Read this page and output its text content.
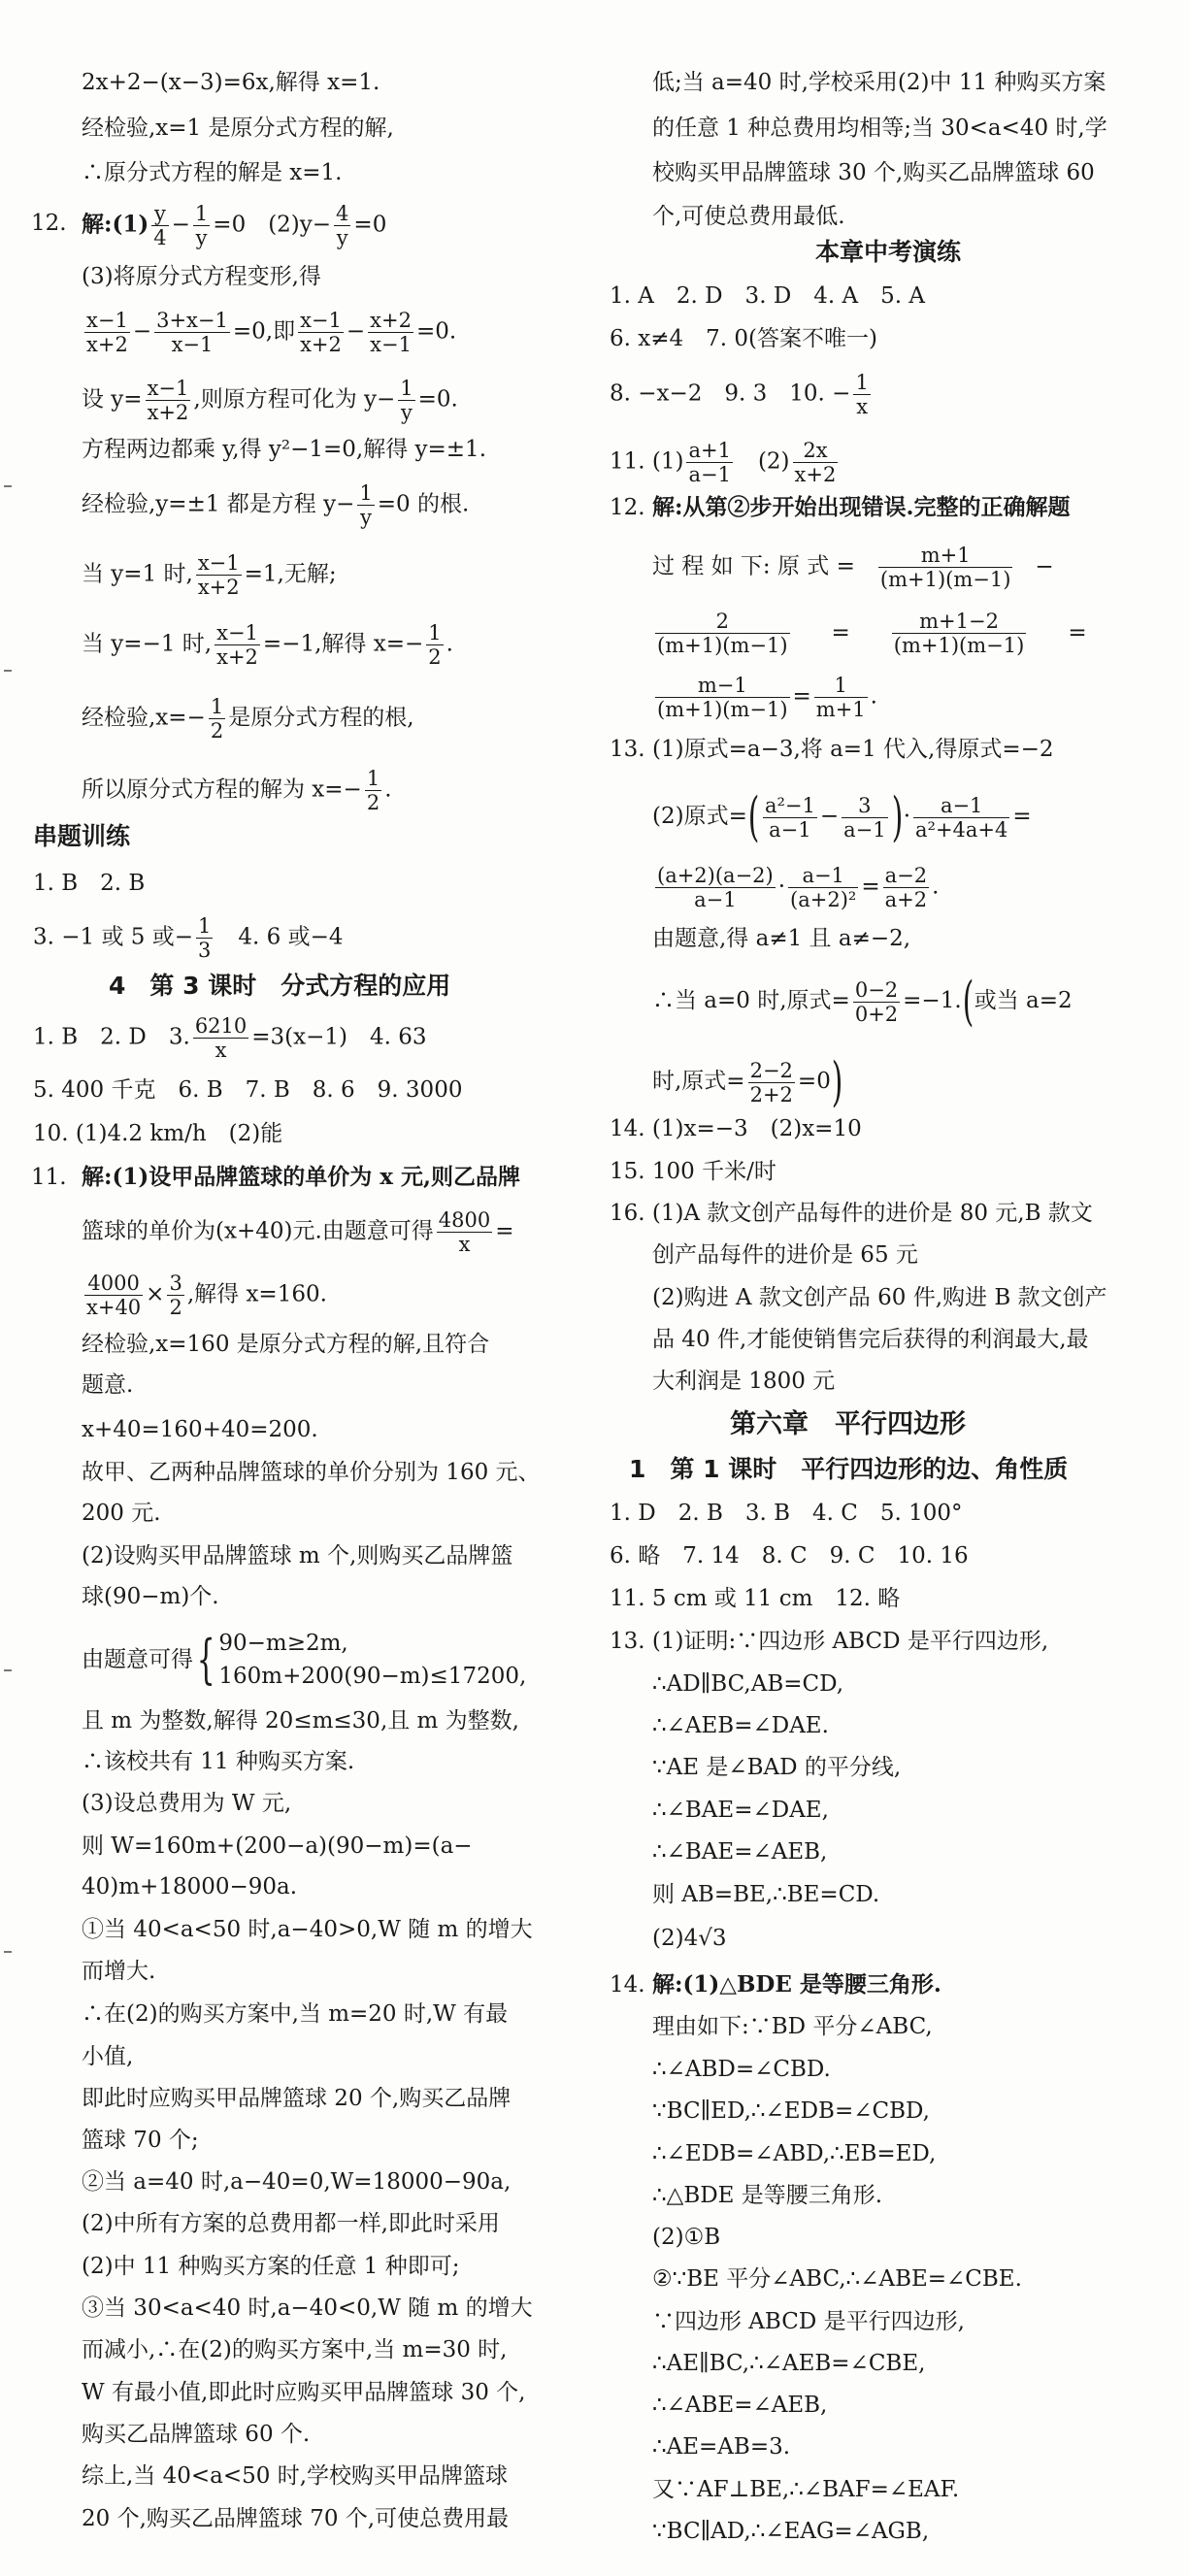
2x+2−(x−3)=6x,解得 x=1.
经检验,x=1 是原分式方程的解,
∴原分式方程的解是 x=1.
12. 解:(1) $\frac{y}{4} - \frac{1}{y} =0$　$(2)y- \frac{4}{y} =0$
(3)将原分式方程变形,得
$\frac{x-1}{x+2} - \frac{3+x-1}{x-1} =0$,即 $\frac{x-1}{x+2} - \frac{x+2}{x-1} =0$.
设 $y= \frac{x-1}{x+2}$ ,则原方程可化为 $y- \frac{1}{y} =0$.
方程两边都乘 y,得 y²−1=0,解得 y=±1.
经检验,y=±1 都是方程 $y- \frac{1}{y} =0$ 的根.
当 y=1 时, $\frac{x-1}{x+2} =1$,无解;
当 y=−1 时, $\frac{x-1}{x+2} =-1$,解得 $x=- \frac{1}{2}$ .
经检验$,x=- \frac{1}{2}$ 是原分式方程的根,
所以原分式方程的解为 $x=- \frac{1}{2}$ .
串题训练
1. B　2. B
3. −1 或 5 或− $\frac{1}{3}$ 　4. 6 或−4
4　第 3 课时　分式方程的应用
1. B　2. D　3. $\frac{6210}{x} =3(x-1)$　4. 63
5. 400 千克　6. B　7. B　8. 6　9. 3000
10. (1)4.2 km/h　(2)能
11. 解:(1)设甲品牌篮球的单价为 x 元,则乙品牌
篮球的单价为(x+40)元.由题意可得 $\frac{4800}{x}$ =
$\frac{4000}{x+40} \times \frac{3}{2}$ ,解得 x=160.
经检验,x=160 是原分式方程的解,且符合
题意.
x+40=160+40=200.
故甲、乙两种品牌篮球的单价分别为 160 元、
200 元.
(2)设购买甲品牌篮球 m 个,则购买乙品牌篮
球(90−m)个.
由题意可得{ 90−m≥2m,
160m+200(90−m)≤17200,
且 m 为整数,解得 20≤m≤30,且 m 为整数,
∴该校共有 11 种购买方案.
(3)设总费用为 W 元,
则 W=160m+(200−a)(90−m)=(a−
40)m+18000−90a.
①当 40<a<50 时,a−40>0,W 随 m 的增大
而增大.
∴在(2)的购买方案中,当 m=20 时,W 有最
小值,
即此时应购买甲品牌篮球 20 个,购买乙品牌
篮球 70 个;
②当 a=40 时,a−40=0,W=18000−90a,
(2)中所有方案的总费用都一样,即此时采用
(2)中 11 种购买方案的任意 1 种即可;
③当 30<a<40 时,a−40<0,W 随 m 的增大
而减小,∴在(2)的购买方案中,当 m=30 时,
W 有最小值,即此时应购买甲品牌篮球 30 个,
购买乙品牌篮球 60 个.
综上,当 40<a<50 时,学校购买甲品牌篮球
20 个,购买乙品牌篮球 70 个,可使总费用最
低;当 a=40 时,学校采用(2)中 11 种购买方案
的任意 1 种总费用均相等;当 30<a<40 时,学
校购买甲品牌篮球 30 个,购买乙品牌篮球 60
个,可使总费用最低.
本章中考演练
1. A　2. D　3. D　4. A　5. A
6. x≠4　7. 0(答案不唯一)
8. −x−2　9. 3　10. − $\frac{1}{x}$
11. $(1) \frac{a+1}{a-1}$ 　$(2) \frac{2x}{x+2}$
12. 解:从第②步开始出现错误.完整的正确解题
过 程 如 下: 原 式 = $\frac{m+1}{(m+1)(m-1)}$ −
$\frac{2}{(m+1)(m-1)} = \frac{m+1-2}{(m+1)(m-1)}$ =
$\frac{m-1}{(m+1)(m-1)} = \frac{1}{m+1}$ .
13. (1)原式=a−3,将 a=1 代入,得原式=−2
(2)原式=( $\frac{\text{a²−1}}{a-1} - \frac{3}{a-1}$ )· $\frac{a-1}{\text{a²+4a+4}}$ =
$\frac{(a+2)(a-2)}{a-1} \cdot \frac{a-1}{\text{(a+2)²}} = \frac{a-2}{a+2}$ .
由题意,得 a≠1 且 a≠−2,
∴当 a=0 时,原式= $\frac{0-2}{0+2} =-1$.(或当 a=2
时,原式= $\frac{2-2}{2+2} =0$)
14. (1)x=−3　(2)x=10
15. 100 千米/时
16. (1)A 款文创产品每件的进价是 80 元,B 款文
创产品每件的进价是 65 元
(2)购进 A 款文创产品 60 件,购进 B 款文创产
品 40 件,才能使销售完后获得的利润最大,最
大利润是 1800 元
第六章　平行四边形
1　第 1 课时　平行四边形的边、角性质
1. D　2. B　3. B　4. C　5. 100°
6. 略　7. 14　8. C　9. C　10. 16
11. 5 cm 或 11 cm　12. 略
13. (1)证明:∵四边形 ABCD 是平行四边形,
∴AD∥BC,AB=CD,
∴∠AEB=∠DAE.
∵AE 是∠BAD 的平分线,
∴∠BAE=∠DAE,
∴∠BAE=∠AEB,
则 AB=BE,∴BE=CD.
(2)4√3
14. 解:(1)△BDE 是等腰三角形.
理由如下:∵BD 平分∠ABC,
∴∠ABD=∠CBD.
∵BC∥ED,∴∠EDB=∠CBD,
∴∠EDB=∠ABD,∴EB=ED,
∴△BDE 是等腰三角形.
(2)①B
②∵BE 平分∠ABC,∴∠ABE=∠CBE.
∵四边形 ABCD 是平行四边形,
∴AE∥BC,∴∠AEB=∠CBE,
∴∠ABE=∠AEB,
∴AE=AB=3.
又∵AF⊥BE,∴∠BAF=∠EAF.
∵BC∥AD,∴∠EAG=∠AGB,
